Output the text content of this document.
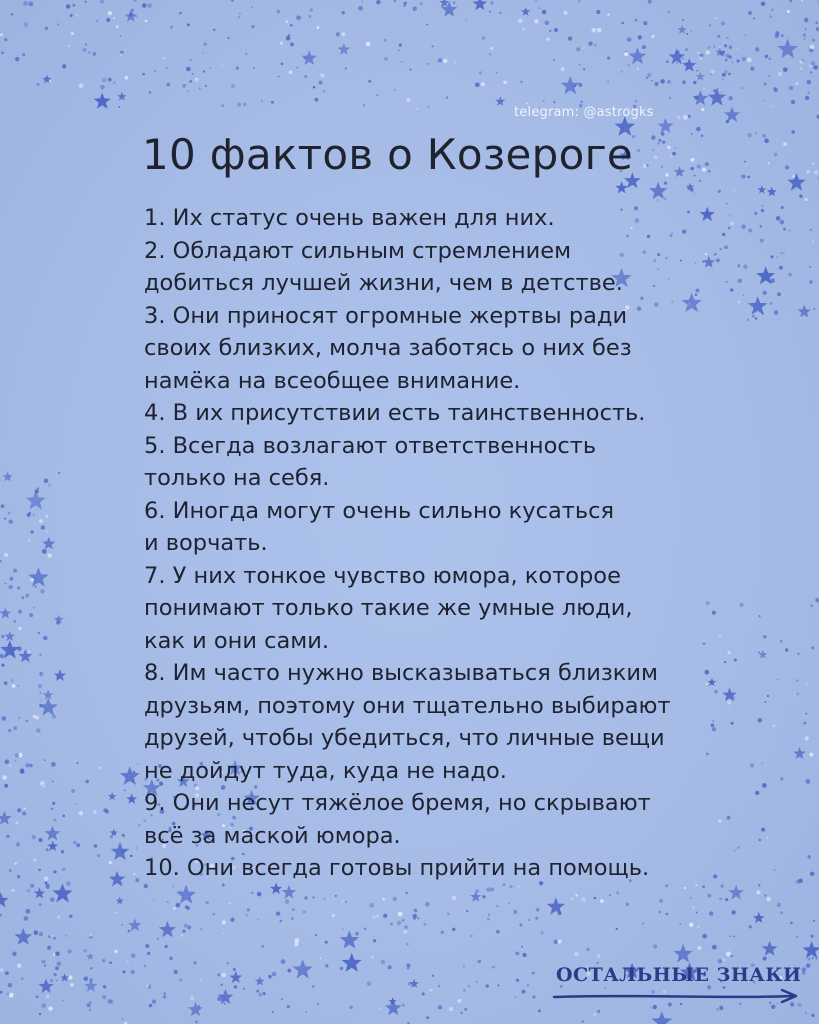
telegram: @astrogks
10 фактов о Козероге
1. Их статус очень важен для них.
2. Обладают сильным стремлением
добиться лучшей жизни, чем в детстве.
3. Они приносят огромные жертвы ради
своих близких, молча заботясь о них без
намёка на всеобщее внимание.
4. В их присутствии есть таинственность.
5. Всегда возлагают ответственность
только на себя.
6. Иногда могут очень сильно кусаться
и ворчать.
7. У них тонкое чувство юмора, которое
понимают только такие же умные люди,
как и они сами.
8. Им часто нужно высказываться близким
друзьям, поэтому они тщательно выбирают
друзей, чтобы убедиться, что личные вещи
не дойдут туда, куда не надо.
9. Они несут тяжёлое бремя, но скрывают
всё за маской юмора.
10. Они всегда готовы прийти на помощь.
ОСТАЛЬНЫЕ ЗНАКИ
